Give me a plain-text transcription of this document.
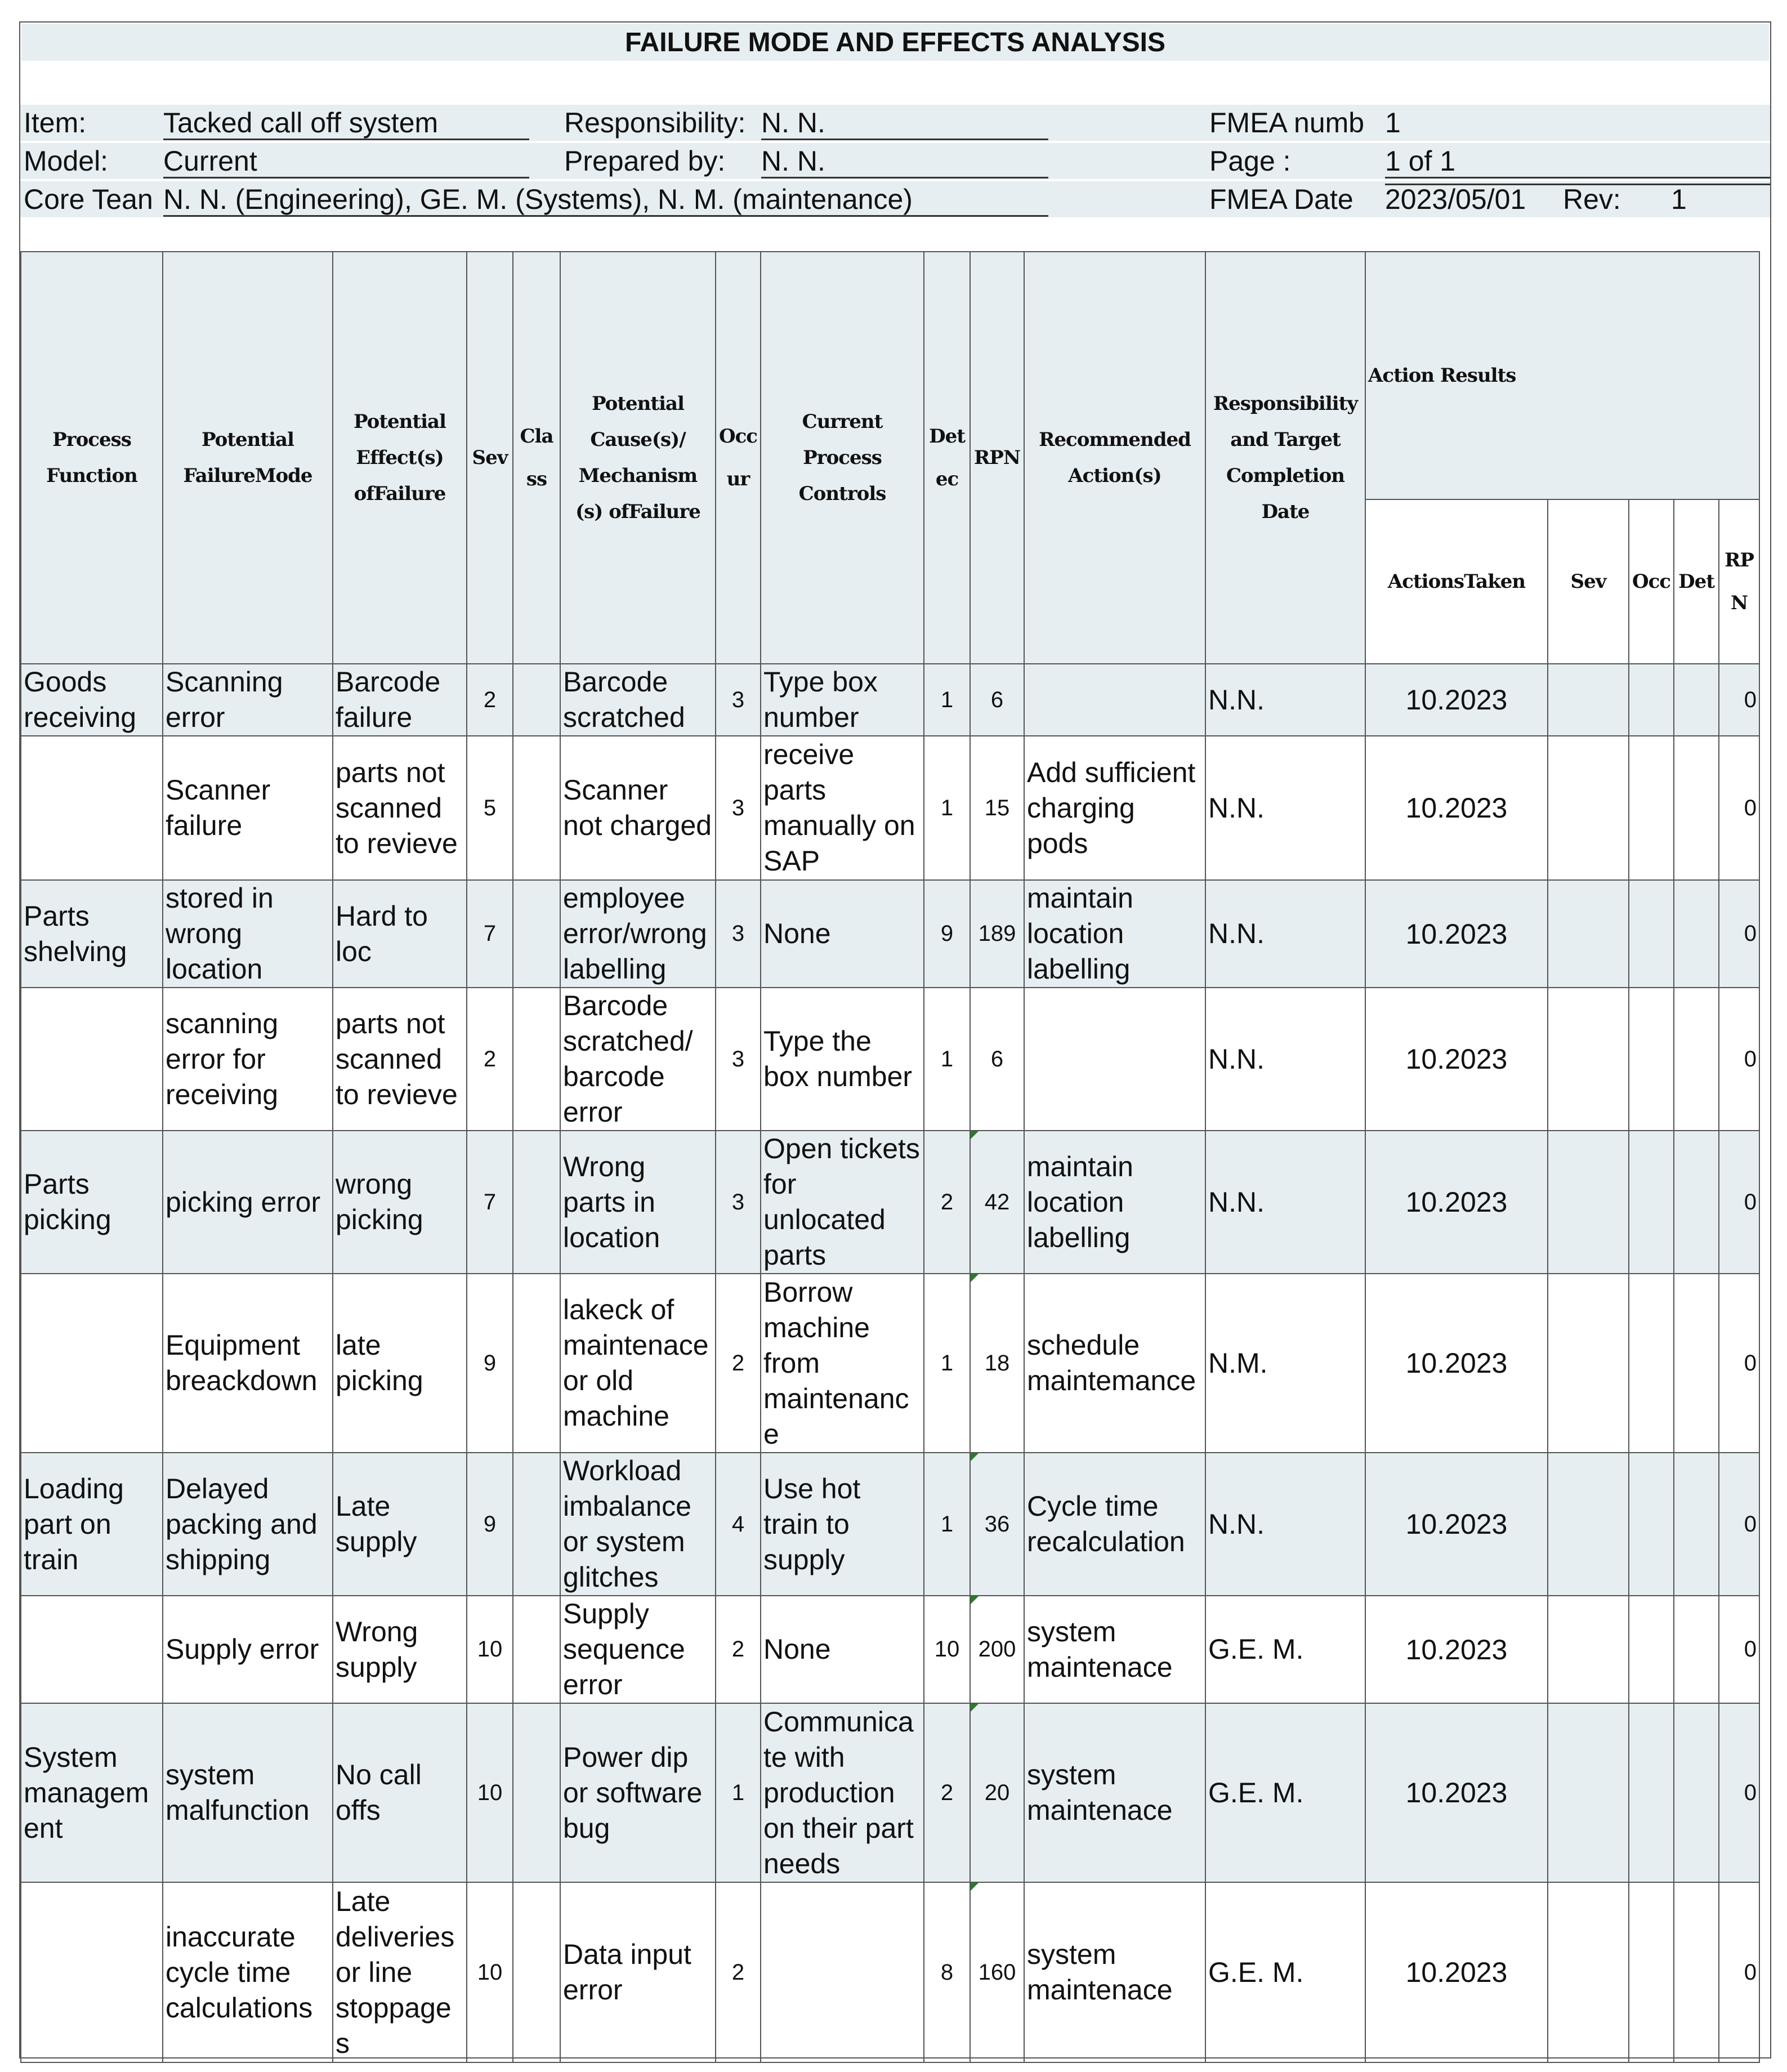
FAILURE MODE AND EFFECTS ANALYSIS
Item:	Tacked call off system	Responsibility: N. N.	FMEA numb 1
Model:	Current	Prepared by:	N. N.	Page :	1 of 1
Core Tean N. N. (Engineering), GE. M. (Systems), N. M. (maintenance)	FMEA Date	2023/05/01	Rev:	1
Process Function	Potential FailureMode	Potential Effect(s) ofFailure	Sev	Class	Potential Cause(s)/ Mechanism (s) ofFailure	Occur	Current Process Controls	Detec	RPN	Recommended Action(s)	Responsibility and Target Completion Date	Action Results				
												ActionsTaken	Sev	Occ	Det	RPN
Goods receiving	Scanning error	Barcode failure	2		Barcode scratched	3	Type box number	1	6		N.N.	10.2023				0
	Scanner failure	parts not scanned to revieve	5		Scanner not charged	3	receive parts manually on SAP	1	15	Add sufficient charging pods	N.N.	10.2023				0
Parts shelving	stored in wrong location	Hard to loc	7		employee error/wrong labelling	3	None	9	189	maintain location labelling	N.N.	10.2023				0
	scanning error for receiving	parts not scanned to revieve	2		Barcode scratched/ barcode error	3	Type the box number	1	6		N.N.	10.2023				0
Parts picking	picking error	wrong picking	7		Wrong parts in location	3	Open tickets for unlocated parts	2	42	maintain location labelling	N.N.	10.2023				0
	Equipment breackdown	late picking	9		lakeck of maintenace or old machine	2	Borrow machine from maintenanc e	1	18	schedule maintemance	N.M.	10.2023				0
Loading part on train	Delayed packing and shipping	Late supply	9		Workload imbalance or system glitches	4	Use hot train to supply	1	36	Cycle time recalculation	N.N.	10.2023				0
	Supply error	Wrong supply	10		Supply sequence error	2	None	10	200	system maintenace	G.E. M.	10.2023				0
System managem ent	system malfunction	No call offs	10		Power dip or software bug	1	Communica te with production on their part needs	2	20	system maintenace	G.E. M.	10.2023				0
	inaccurate cycle time calculations	Late deliveries or line stoppage s	10		Data input error	2		8	160	system maintenace	G.E. M.	10.2023				0
